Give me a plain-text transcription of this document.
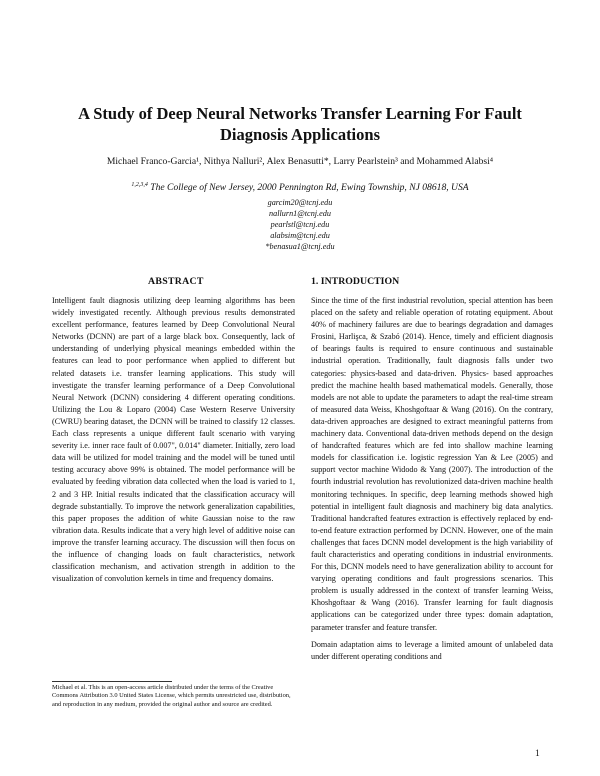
A Study of Deep Neural Networks Transfer Learning For Fault Diagnosis Applications
Michael Franco-Garcia¹, Nithya Nalluri², Alex Benasutti*, Larry Pearlstein³ and Mohammed Alabsi⁴
$^{1,2,3,4}$ The College of New Jersey, 2000 Pennington Rd, Ewing Township, NJ 08618, USA
garcim20@tcnj.edu
nallurn1@tcnj.edu
pearlstl@tcnj.edu
alabsim@tcnj.edu
*benasua1@tcnj.edu
ABSTRACT

Intelligent fault diagnosis utilizing deep learning algorithms has been widely investigated recently. Although previous results demonstrated excellent performance, features learned by Deep Convolutional Neural Networks (DCNN) are part of a large black box. Consequently, lack of understanding of underlying physical meanings embedded within the features can lead to poor performance when applied to different but related datasets i.e. transfer learning applications. This study will investigate the transfer learning performance of a Deep Convolutional Neural Network (DCNN) considering 4 different operating conditions. Utilizing the Lou & Loparo (2004) Case Western Reserve University (CWRU) bearing dataset, the DCNN will be trained to classify 12 classes. Each class represents a unique different fault scenario with varying severity i.e. inner race fault of 0.007", 0.014" diameter. Initially, zero load data will be utilized for model training and the model will be tuned until testing accuracy above 99% is obtained. The model performance will be evaluated by feeding vibration data collected when the load is varied to 1, 2 and 3 HP. Initial results indicated that the classification accuracy will degrade substantially. To improve the network generalization capabilities, this paper proposes the addition of white Gaussian noise to the raw vibration data. Results indicate that a very high level of additive noise can improve the transfer learning accuracy. The discussion will then focus on the influence of changing loads on fault characteristics, network classification mechanism, and activation strength in addition to the visualization of convolution kernels in time and frequency domains.

1. INTRODUCTION

Since the time of the first industrial revolution, special attention has been placed on the safety and reliable operation of rotating equipment. About 40% of machinery failures are due to bearings degradation and damages Frosini, Harlişca, & Szabó (2014). Hence, timely and efficient diagnosis of bearings faults is required to ensure continuous and sustainable industrial operation. Traditionally, fault diagnosis falls under two categories: physics-based and data-driven. Physics- based approaches predict the machine health based mathematical models. Generally, those models are not able to update the parameters to adapt the real-time stream of measured data Weiss, Khoshgoftaar & Wang (2016). On the contrary, data-driven approaches are designed to extract meaningful patterns from machinery data. Conventional data-driven methods depend on the design of handcrafted features which are fed into shallow machine learning models for classification i.e. logistic regression Yan & Lee (2005) and support vector machine Widodo & Yang (2007). The introduction of the fourth industrial revolution has revolutionized data-driven machine health monitoring techniques. In specific, deep learning methods showed high potential in intelligent fault diagnosis and machinery big data analytics. Traditional handcrafted features extraction is effectively replaced by end-to-end feature extraction performed by DCNN. However, one of the main challenges that faces DCNN model development is the high variability of fault characteristics and operating conditions in industrial environments. For this, DCNN models need to have generalization ability to account for varying operating conditions and fault progressions scenarios. This problem is usually addressed in the context of transfer learning Weiss, Khoshgoftaar & Wang (2016). Transfer learning for fault diagnosis applications can be categorized under three types: domain adaptation, parameter transfer and feature transfer.

Domain adaptation aims to leverage a limited amount of unlabeled data under different operating conditions and

Michael et al. This is an open-access article distributed under the terms of the Creative Commons Attribution 3.0 United States License, which permits unrestricted use, distribution, and reproduction in any medium, provided the original author and source are credited.
1
